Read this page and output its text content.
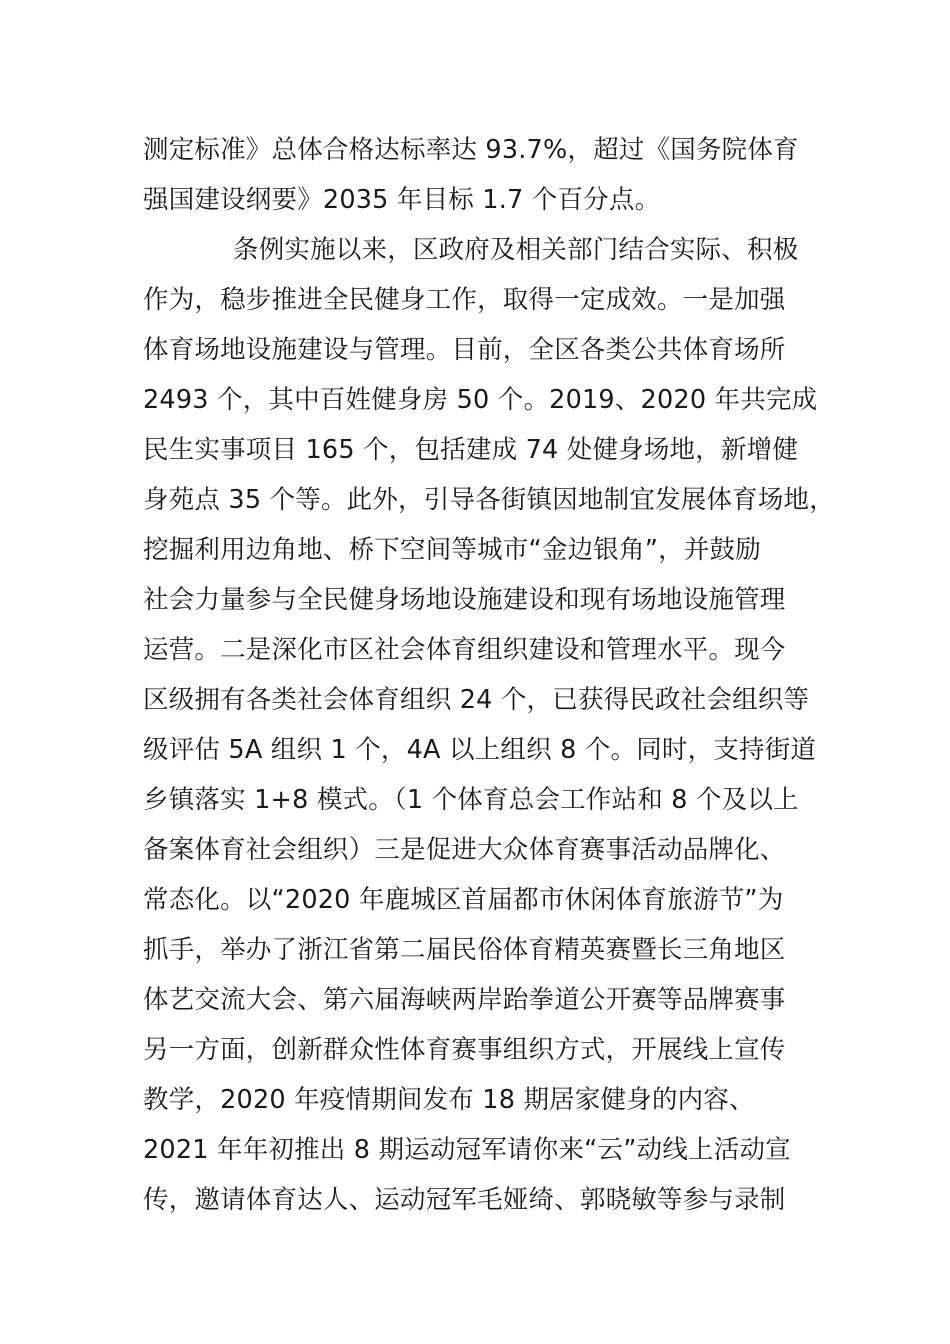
测定标准》总体合格达标率达 93.7%，超过《国务院体育
强国建设纲要》2035 年目标 1.7 个百分点。
条例实施以来，区政府及相关部门结合实际、积极
作为，稳步推进全民健身工作，取得一定成效。一是加强
体育场地设施建设与管理。目前，全区各类公共体育场所
2493 个，其中百姓健身房 50 个。2019、2020 年共完成
民生实事项目 165 个，包括建成 74 处健身场地，新增健
身苑点 35 个等。此外，引导各街镇因地制宜发展体育场地，
挖掘利用边角地、桥下空间等城市“金边银角”，并鼓励
社会力量参与全民健身场地设施建设和现有场地设施管理
运营。二是深化市区社会体育组织建设和管理水平。现今
区级拥有各类社会体育组织 24 个，已获得民政社会组织等
级评估 5A 组织 1 个，4A 以上组织 8 个。同时，支持街道
乡镇落实 1+8 模式。（1 个体育总会工作站和 8 个及以上
备案体育社会组织）三是促进大众体育赛事活动品牌化、
常态化。以“2020 年鹿城区首届都市休闲体育旅游节”为
抓手，举办了浙江省第二届民俗体育精英赛暨长三角地区
体艺交流大会、第六届海峡两岸跆拳道公开赛等品牌赛事
另一方面，创新群众性体育赛事组织方式，开展线上宣传
教学，2020 年疫情期间发布 18 期居家健身的内容、
2021 年年初推出 8 期运动冠军请你来“云”动线上活动宣
传，邀请体育达人、运动冠军毛娅绮、郭晓敏等参与录制
